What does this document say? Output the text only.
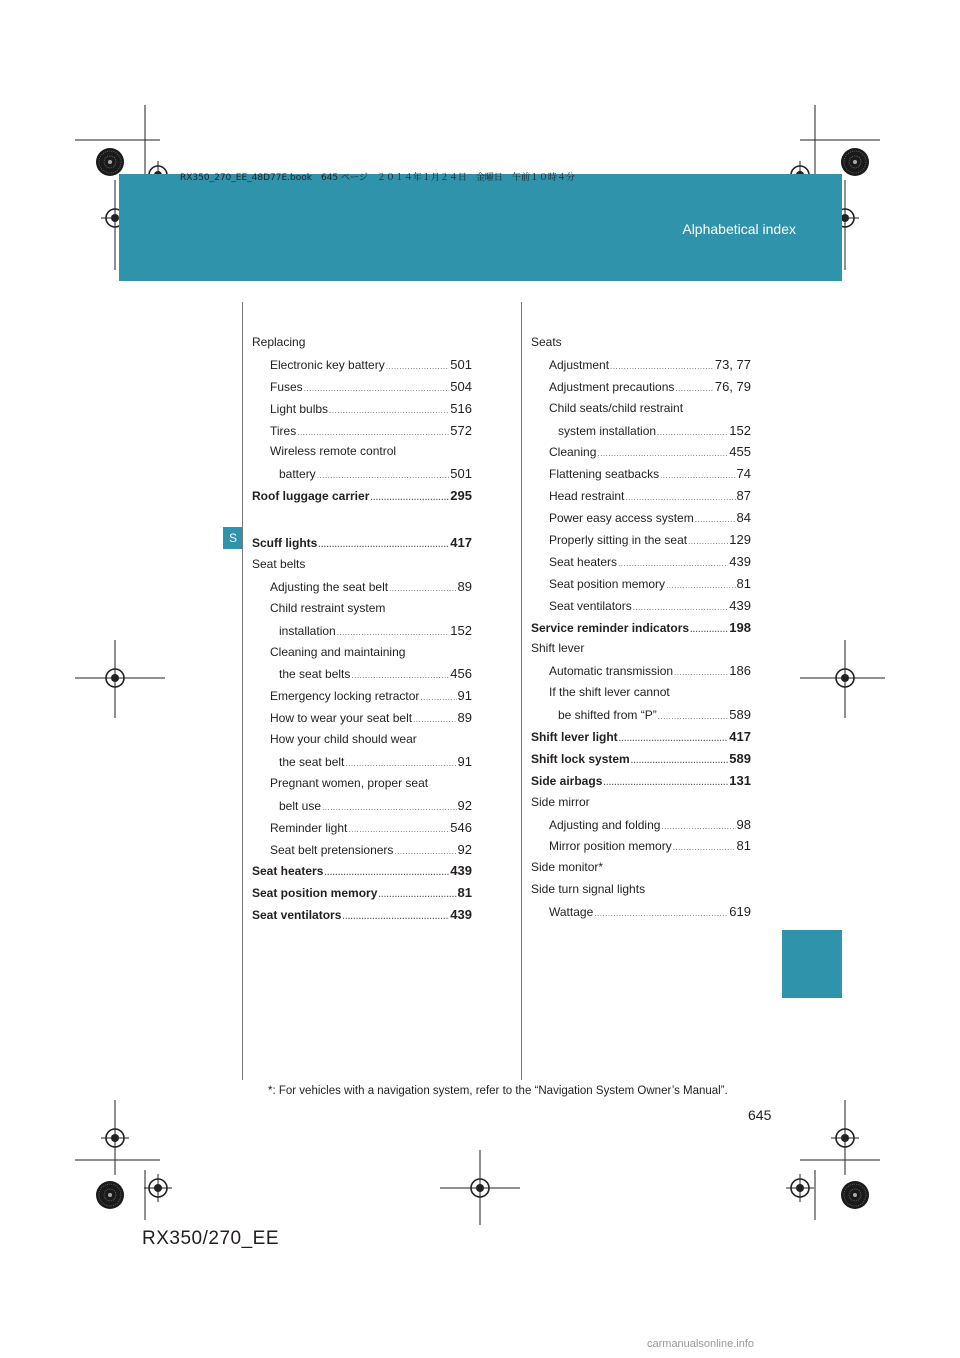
Alphabetical index
RX350_270_EE_48D77E.book　645 ページ　２０１４年１月２４日　金曜日　午前１０時４分
S
Replacing
Electronic key battery .....	501
Fuses .....	504
Light bulbs .....	516
Tires .....	572
Wireless remote control
battery .....	501
Roof luggage carrier .....	295
Scuff lights .....	417
Seat belts
Adjusting the seat belt .....	89
Child restraint system
installation .....	152
Cleaning and maintaining
the seat belts .....	456
Emergency locking retractor .....	91
How to wear your seat belt .....	89
How your child should wear
the seat belt .....	91
Pregnant women, proper seat
belt use .....	92
Reminder light .....	546
Seat belt pretensioners .....	92
Seat heaters .....	439
Seat position memory .....	81
Seat ventilators .....	439
Seats
Adjustment .....	73, 77
Adjustment precautions .....	76, 79
Child seats/child restraint
system installation .....	152
Cleaning .....	455
Flattening seatbacks .....	74
Head restraint .....	87
Power easy access system .....	84
Properly sitting in the seat .....	129
Seat heaters .....	439
Seat position memory .....	81
Seat ventilators .....	439
Service reminder indicators .....	198
Shift lever
Automatic transmission .....	186
If the shift lever cannot
be shifted from “P” .....	589
Shift lever light .....	417
Shift lock system .....	589
Side airbags .....	131
Side mirror
Adjusting and folding .....	98
Mirror position memory .....	81
Side monitor*
Side turn signal lights
Wattage .....	619
*: For vehicles with a navigation system, refer to the “Navigation System Owner’s Manual”.
645
RX350/270_EE
carmanualsonline.info
